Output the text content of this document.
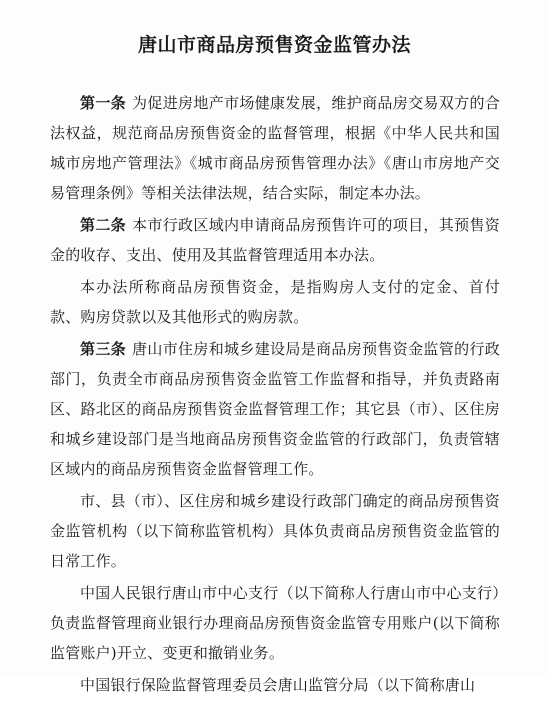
唐山市商品房预售资金监管办法

第一条 为促进房地产市场健康发展，维护商品房交易双方的合法权益，规范商品房预售资金的监督管理，根据《中华人民共和国城市房地产管理法》《城市商品房预售管理办法》《唐山市房地产交易管理条例》等相关法律法规，结合实际，制定本办法。

第二条 本市行政区域内申请商品房预售许可的项目，其预售资金的收存、支出、使用及其监督管理适用本办法。

本办法所称商品房预售资金，是指购房人支付的定金、首付款、购房贷款以及其他形式的购房款。

第三条 唐山市住房和城乡建设局是商品房预售资金监管的行政部门，负责全市商品房预售资金监管工作监督和指导，并负责路南区、路北区的商品房预售资金监督管理工作；其它县（市）、区住房和城乡建设部门是当地商品房预售资金监管的行政部门，负责管辖区域内的商品房预售资金监督管理工作。

市、县（市）、区住房和城乡建设行政部门确定的商品房预售资金监管机构（以下简称监管机构）具体负责商品房预售资金监管的日常工作。

中国人民银行唐山市中心支行（以下简称人行唐山市中心支行）负责监督管理商业银行办理商品房预售资金监管专用账户(以下简称监管账户)开立、变更和撤销业务。

中国银行保险监督管理委员会唐山监管分局（以下简称唐山
